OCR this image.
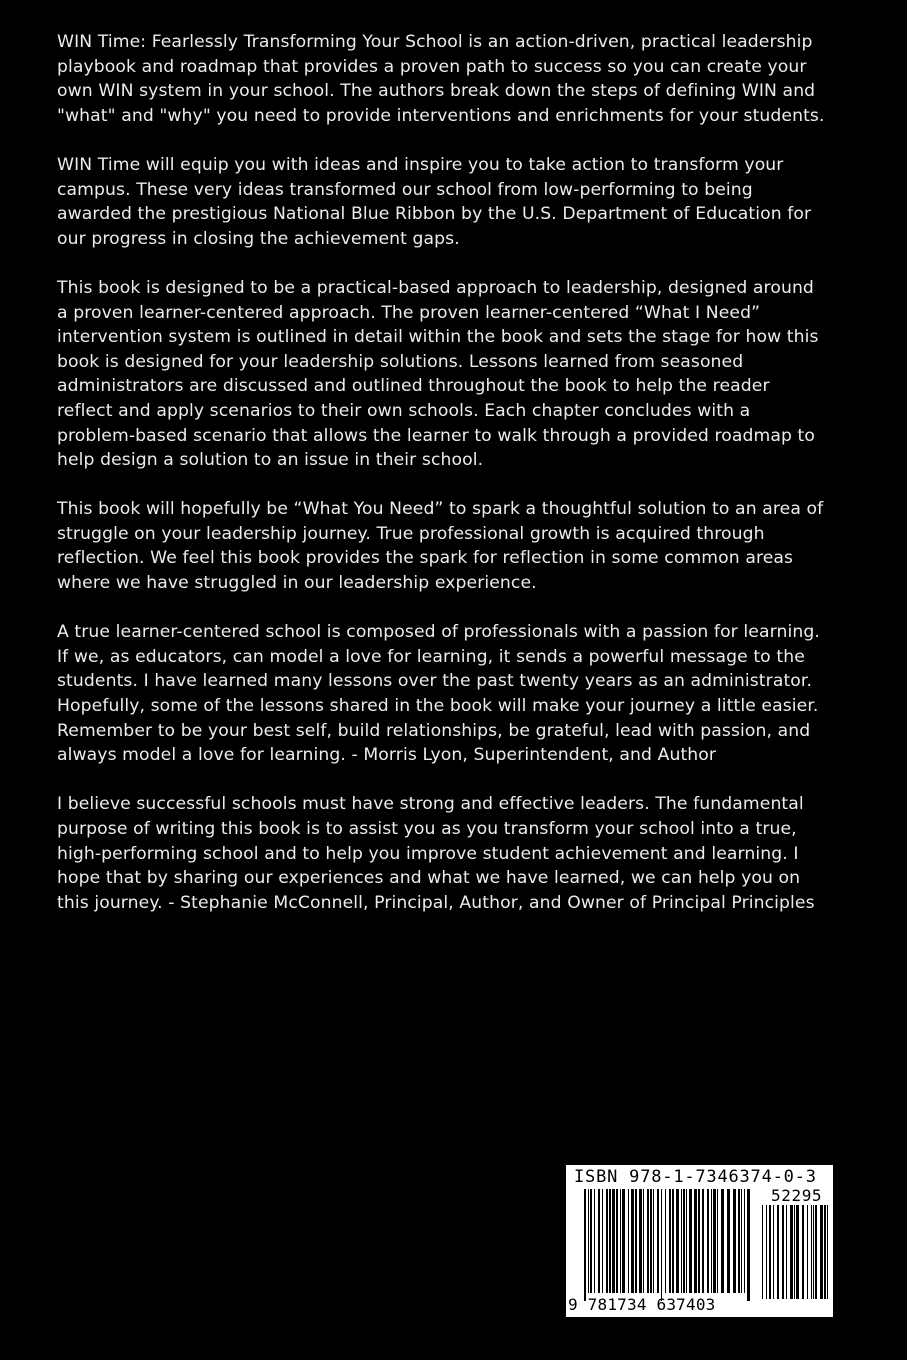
WIN Time: Fearlessly Transforming Your School is an action-driven, practical leadership playbook and roadmap that provides a proven path to success so you can create your own WIN system in your school. The authors break down the steps of defining WIN and "what" and "why" you need to provide interventions and enrichments for your students.

WIN Time will equip you with ideas and inspire you to take action to transform your campus. These very ideas transformed our school from low-performing to being awarded the prestigious National Blue Ribbon by the U.S. Department of Education for our progress in closing the achievement gaps.

This book is designed to be a practical-based approach to leadership, designed around a proven learner-centered approach. The proven learner-centered “What I Need” intervention system is outlined in detail within the book and sets the stage for how this book is designed for your leadership solutions. Lessons learned from seasoned administrators are discussed and outlined throughout the book to help the reader reflect and apply scenarios to their own schools. Each chapter concludes with a problem-based scenario that allows the learner to walk through a provided roadmap to help design a solution to an issue in their school.

This book will hopefully be “What You Need” to spark a thoughtful solution to an area of struggle on your leadership journey. True professional growth is acquired through reflection. We feel this book provides the spark for reflection in some common areas where we have struggled in our leadership experience.

A true learner-centered school is composed of professionals with a passion for learning. If we, as educators, can model a love for learning, it sends a powerful message to the students. I have learned many lessons over the past twenty years as an administrator. Hopefully, some of the lessons shared in the book will make your journey a little easier. Remember to be your best self, build relationships, be grateful, lead with passion, and always model a love for learning. - Morris Lyon, Superintendent, and Author

I believe successful schools must have strong and effective leaders. The fundamental purpose of writing this book is to assist you as you transform your school into a true, high-performing school and to help you improve student achievement and learning. I hope that by sharing our experiences and what we have learned, we can help you on this journey. - Stephanie McConnell, Principal, Author, and Owner of Principal Principles

ISBN 978-1-7346374-0-3
52295
9 781734 637403
